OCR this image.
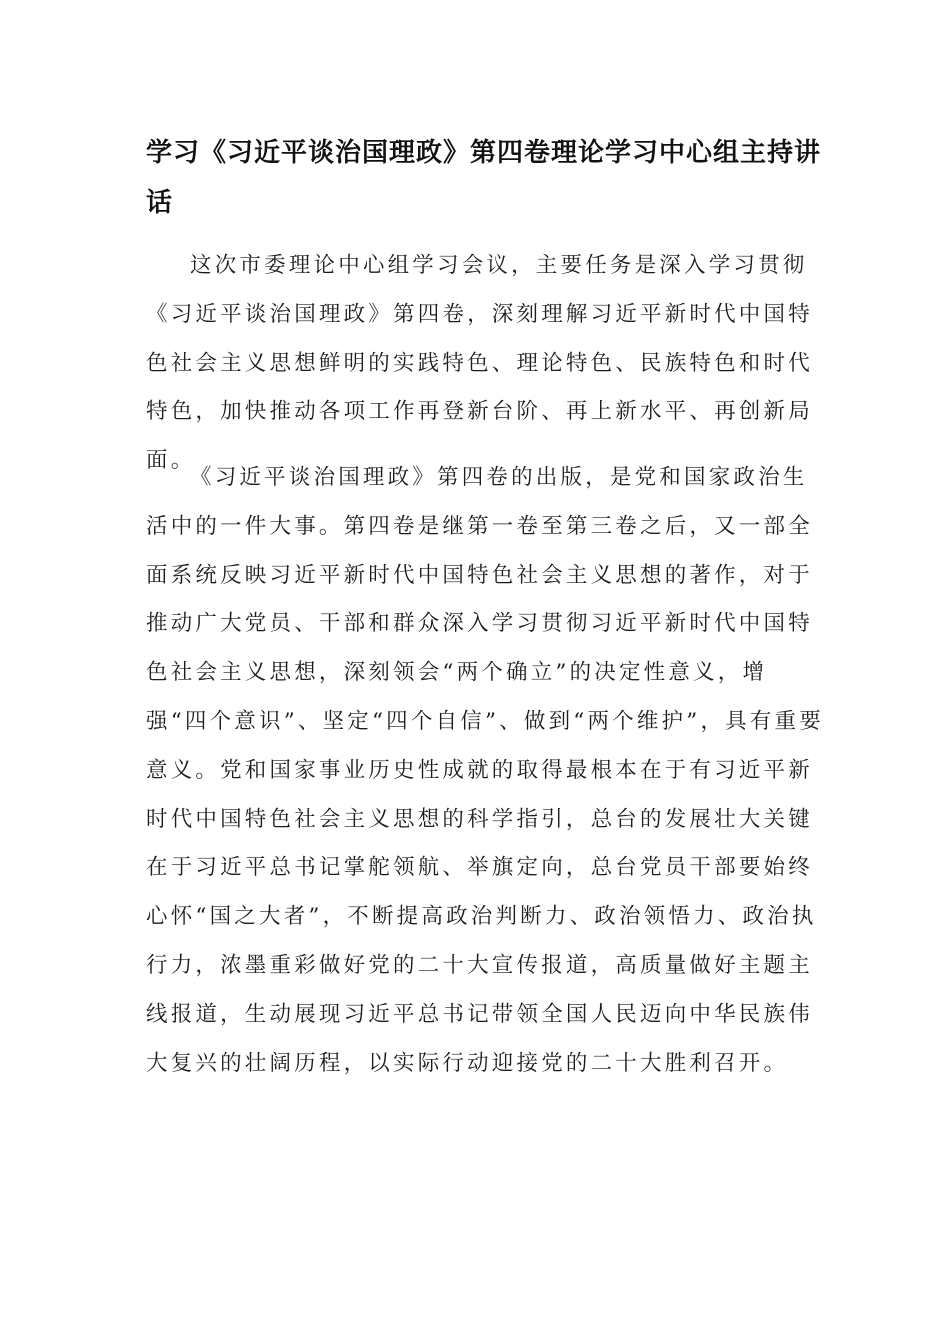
学习《习近平谈治国理政》第四卷理论学习中心组主持讲话

这次市委理论中心组学习会议，主要任务是深入学习贯彻《习近平谈治国理政》第四卷，深刻理解习近平新时代中国特色社会主义思想鲜明的实践特色、理论特色、民族特色和时代特色，加快推动各项工作再登新台阶、再上新水平、再创新局面。

《习近平谈治国理政》第四卷的出版，是党和国家政治生活中的一件大事。第四卷是继第一卷至第三卷之后，又一部全面系统反映习近平新时代中国特色社会主义思想的著作，对于推动广大党员、干部和群众深入学习贯彻习近平新时代中国特色社会主义思想，深刻领会“两个确立”的决定性意义，增强“四个意识”、坚定“四个自信”、做到“两个维护”，具有重要意义。党和国家事业历史性成就的取得最根本在于有习近平新时代中国特色社会主义思想的科学指引，总台的发展壮大关键在于习近平总书记掌舵领航、举旗定向，总台党员干部要始终心怀“国之大者”，不断提高政治判断力、政治领悟力、政治执行力，浓墨重彩做好党的二十大宣传报道，高质量做好主题主线报道，生动展现习近平总书记带领全国人民迈向中华民族伟大复兴的壮阔历程，以实际行动迎接党的二十大胜利召开。
